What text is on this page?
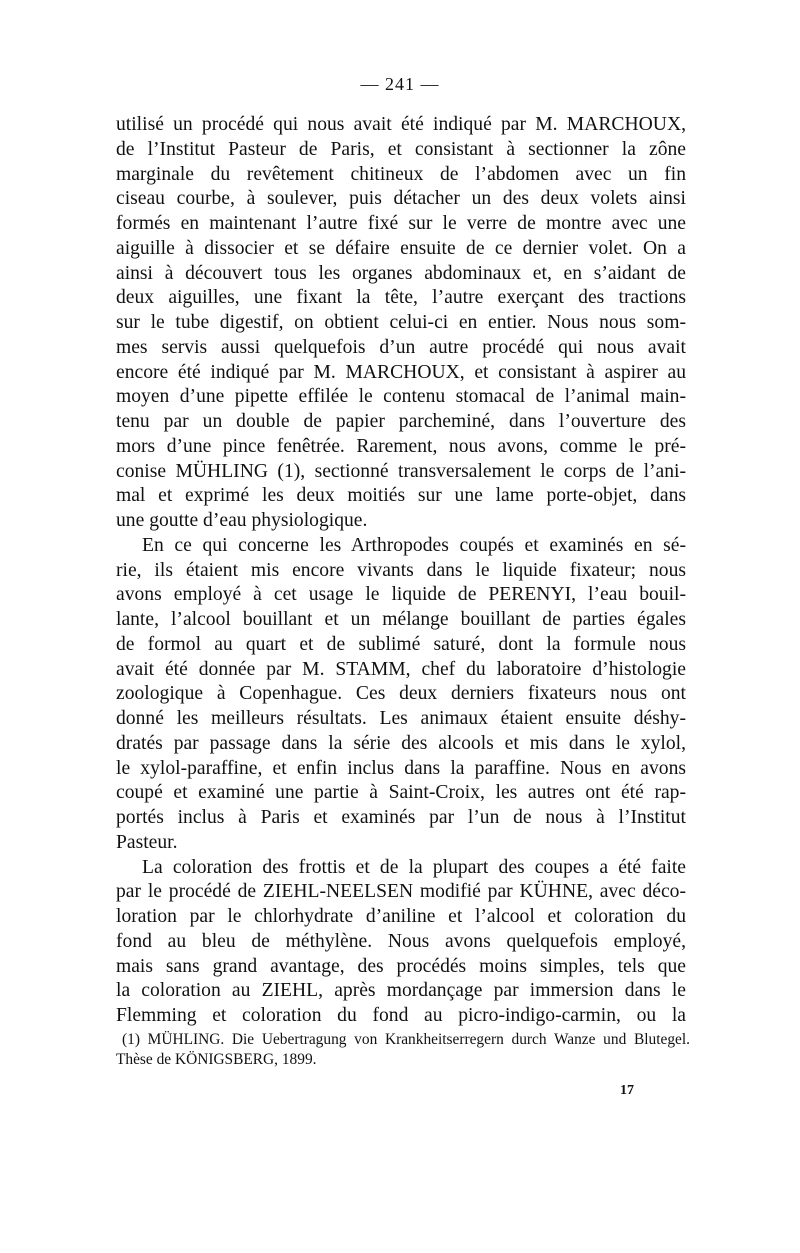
— 241 —

utilisé un procédé qui nous avait été indiqué par M. MARCHOUX,

de l’Institut Pasteur de Paris, et consistant à sectionner la zône

marginale du revêtement chitineux de l’abdomen avec un fin

ciseau courbe, à soulever, puis détacher un des deux volets ainsi

formés en maintenant l’autre fixé sur le verre de montre avec une

aiguille à dissocier et se défaire ensuite de ce dernier volet. On a

ainsi à découvert tous les organes abdominaux et, en s’aidant de

deux aiguilles, une fixant la tête, l’autre exerçant des tractions

sur le tube digestif, on obtient celui-ci en entier. Nous nous som-

mes servis aussi quelquefois d’un autre procédé qui nous avait

encore été indiqué par M. MARCHOUX, et consistant à aspirer au

moyen d’une pipette effilée le contenu stomacal de l’animal main-

tenu par un double de papier parcheminé, dans l’ouverture des

mors d’une pince fenêtrée. Rarement, nous avons, comme le pré-

conise MÜHLING (1), sectionné transversalement le corps de l’ani-

mal et exprimé les deux moitiés sur une lame porte-objet, dans

une goutte d’eau physiologique.

En ce qui concerne les Arthropodes coupés et examinés en sé-

rie, ils étaient mis encore vivants dans le liquide fixateur; nous

avons employé à cet usage le liquide de PERENYI, l’eau bouil-

lante, l’alcool bouillant et un mélange bouillant de parties égales

de formol au quart et de sublimé saturé, dont la formule nous

avait été donnée par M. STAMM, chef du laboratoire d’histologie

zoologique à Copenhague. Ces deux derniers fixateurs nous ont

donné les meilleurs résultats. Les animaux étaient ensuite déshy-

dratés par passage dans la série des alcools et mis dans le xylol,

le xylol-paraffine, et enfin inclus dans la paraffine. Nous en avons

coupé et examiné une partie à Saint-Croix, les autres ont été rap-

portés inclus à Paris et examinés par l’un de nous à l’Institut

Pasteur.

La coloration des frottis et de la plupart des coupes a été faite

par le procédé de ZIEHL-NEELSEN modifié par KÜHNE, avec déco-

loration par le chlorhydrate d’aniline et l’alcool et coloration du

fond au bleu de méthylène. Nous avons quelquefois employé,

mais sans grand avantage, des procédés moins simples, tels que

la coloration au ZIEHL, après mordançage par immersion dans le

Flemming et coloration du fond au picro-indigo-carmin, ou la

(1) MÜHLING. Die Uebertragung von Krankheitserregern durch Wanze und Blutegel. Thèse de KÖNIGSBERG, 1899.

17
